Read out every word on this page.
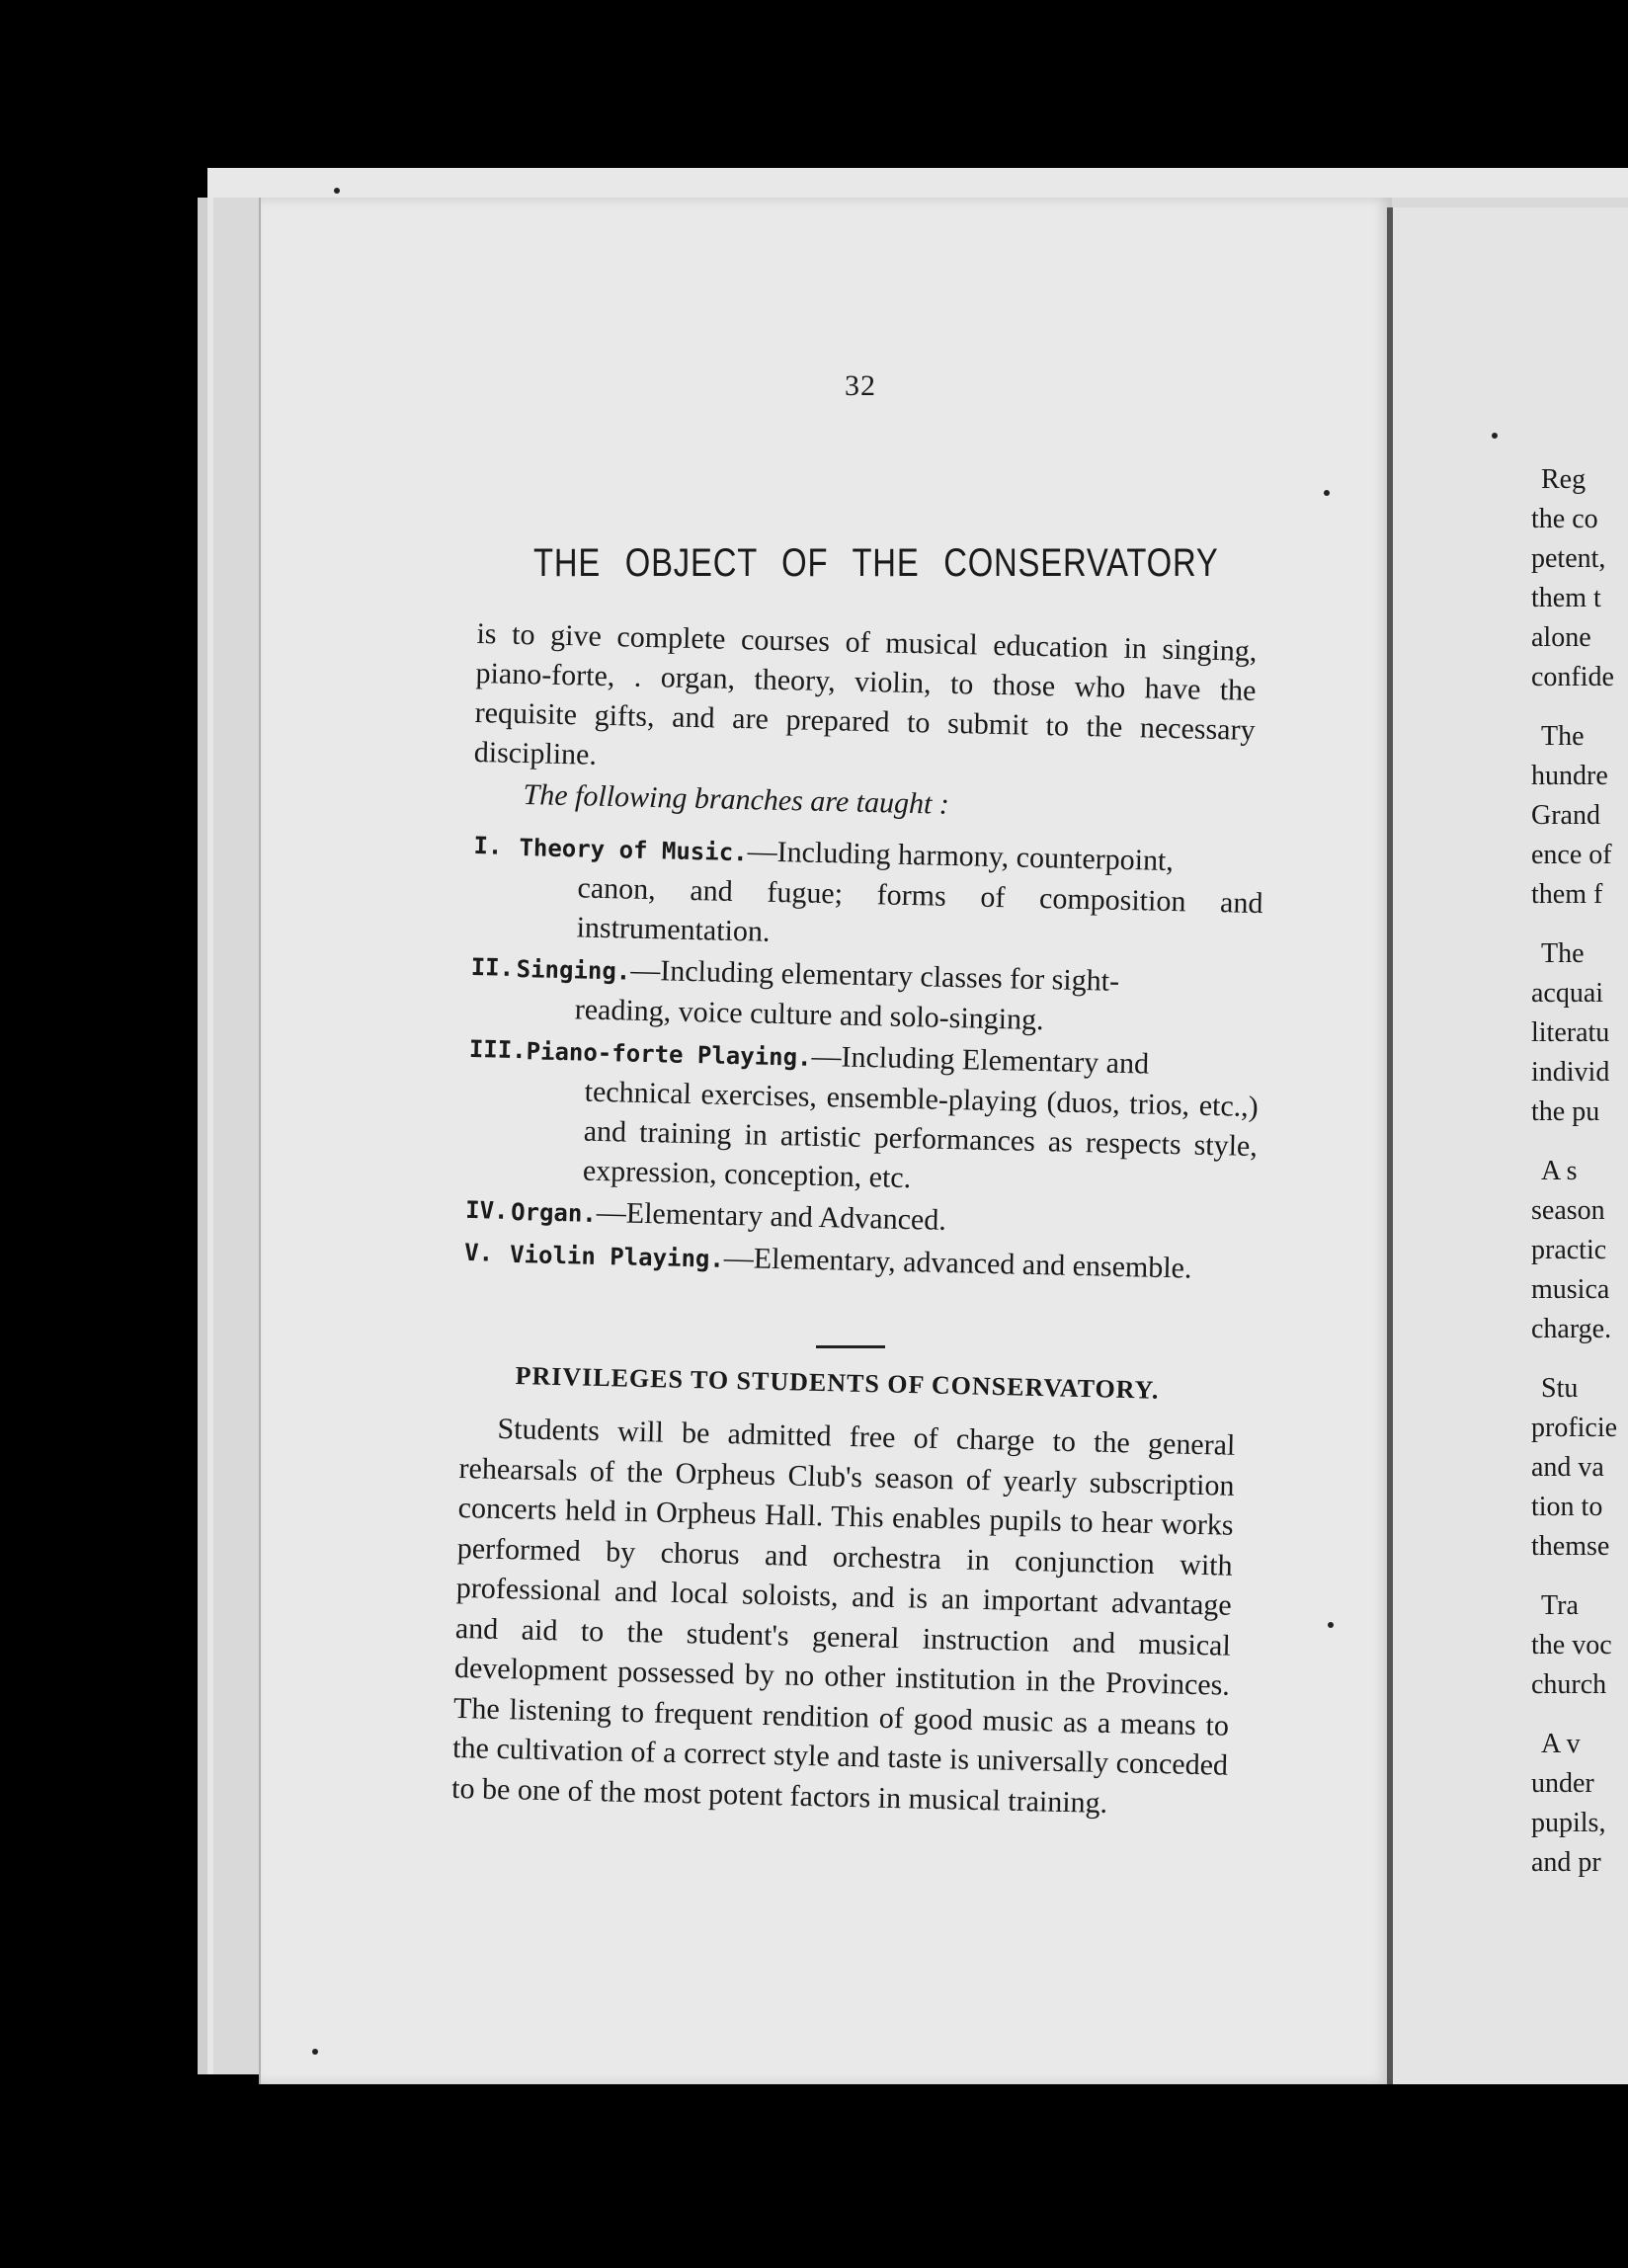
32
THE OBJECT OF THE CONSERVATORY
is to give complete courses of musical education in singing, piano-forte, . organ, theory, violin, to those who have the requisite gifts, and are prepared to submit to the necessary discipline.
The following branches are taught :
I. Theory of Music.—Including harmony, counterpoint,
canon, and fugue; forms of composition and instrumentation.
II. Singing.—Including elementary classes for sight-
reading, voice culture and solo-singing.
III. Piano-forte Playing.—Including Elementary and
technical exercises, ensemble-playing (duos, trios, etc.,) and training in artistic performances as respects style, expression, conception, etc.
IV. Organ.—Elementary and Advanced.
V. Violin Playing.—Elementary, advanced and ensemble.
PRIVILEGES TO STUDENTS OF CONSERVATORY.
Students will be admitted free of charge to the general rehearsals of the Orpheus Club's season of yearly subscription concerts held in Orpheus Hall. This enables pupils to hear works performed by chorus and orchestra in conjunction with professional and local soloists, and is an important advantage and aid to the student's general instruction and musical development possessed by no other institution in the Provinces. The listening to frequent rendition of good music as a means to the cultivation of a correct style and taste is universally conceded to be one of the most potent factors in musical training.
Reg
the co
petent,
them t
alone
confide
The
hundre
Grand
ence of
them f
The
acquai
literatu
individ
the pu
A s
season
practic
musica
charge.
Stu
proficie
and va
tion to
themse
Tra
the voc
church
A v
under
pupils,
and pr
